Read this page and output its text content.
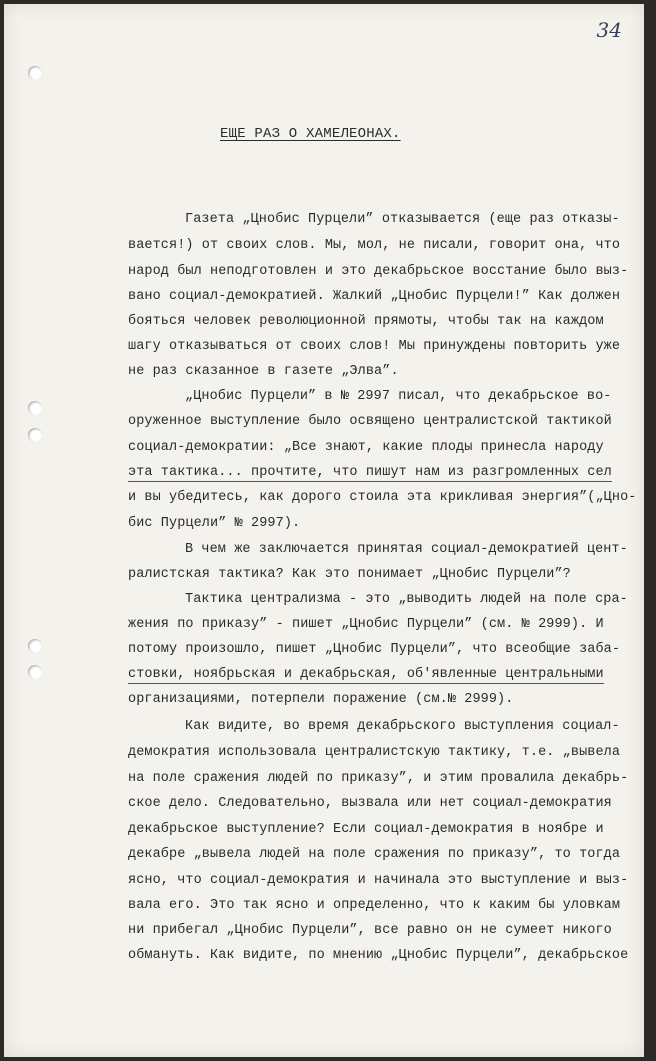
34
ЕЩЕ РАЗ О ХАМЕЛЕОНАХ.
Газета „Цнобис Пурцели” отказывается (еще раз отказы-
вается!) от своих слов. Мы, мол, не писали, говорит она, что
народ был неподготовлен и это декабрьское восстание было выз-
вано социал-демократией. Жалкий „Цнобис Пурцели!” Как должен
бояться человек революционной прямоты, чтобы так на каждом
шагу отказываться от своих слов! Мы принуждены повторить уже
не раз сказанное в газете „Элва”.
„Цнобис Пурцели” в № 2997 писал, что декабрьское во-
оруженное выступление было освящено централистской тактикой
социал-демократии: „Все знают, какие плоды принесла народу
эта тактика... прочтите, что пишут нам из разгромленных сел
и вы убедитесь, как дорого стоила эта крикливая энергия”(„Цно-
бис Пурцели” № 2997).
В чем же заключается принятая социал-демократией цент-
ралистская тактика? Как это понимает „Цнобис Пурцели”?
Тактика централизма - это „выводить людей на поле сра-
жения по приказу” - пишет „Цнобис Пурцели” (см. № 2999). И
потому произошло, пишет „Цнобис Пурцели”, что всеобщие заба-
стовки, ноябрьская и декабрьская, об'явленные центральными
организациями, потерпели поражение (см.№ 2999).
Как видите, во время декабрьского выступления социал-
демократия использовала централистскую тактику, т.е. „вывела
на поле сражения людей по приказу”, и этим провалила декабрь-
ское дело. Следовательно, вызвала или нет социал-демократия
декабрьское выступление? Если социал-демократия в ноябре и
декабре „вывела людей на поле сражения по приказу”, то тогда
ясно, что социал-демократия и начинала это выступление и выз-
вала его. Это так ясно и определенно, что к каким бы уловкам
ни прибегал „Цнобис Пурцели”, все равно он не сумеет никого
обмануть. Как видите, по мнению „Цнобис Пурцели”, декабрьское
